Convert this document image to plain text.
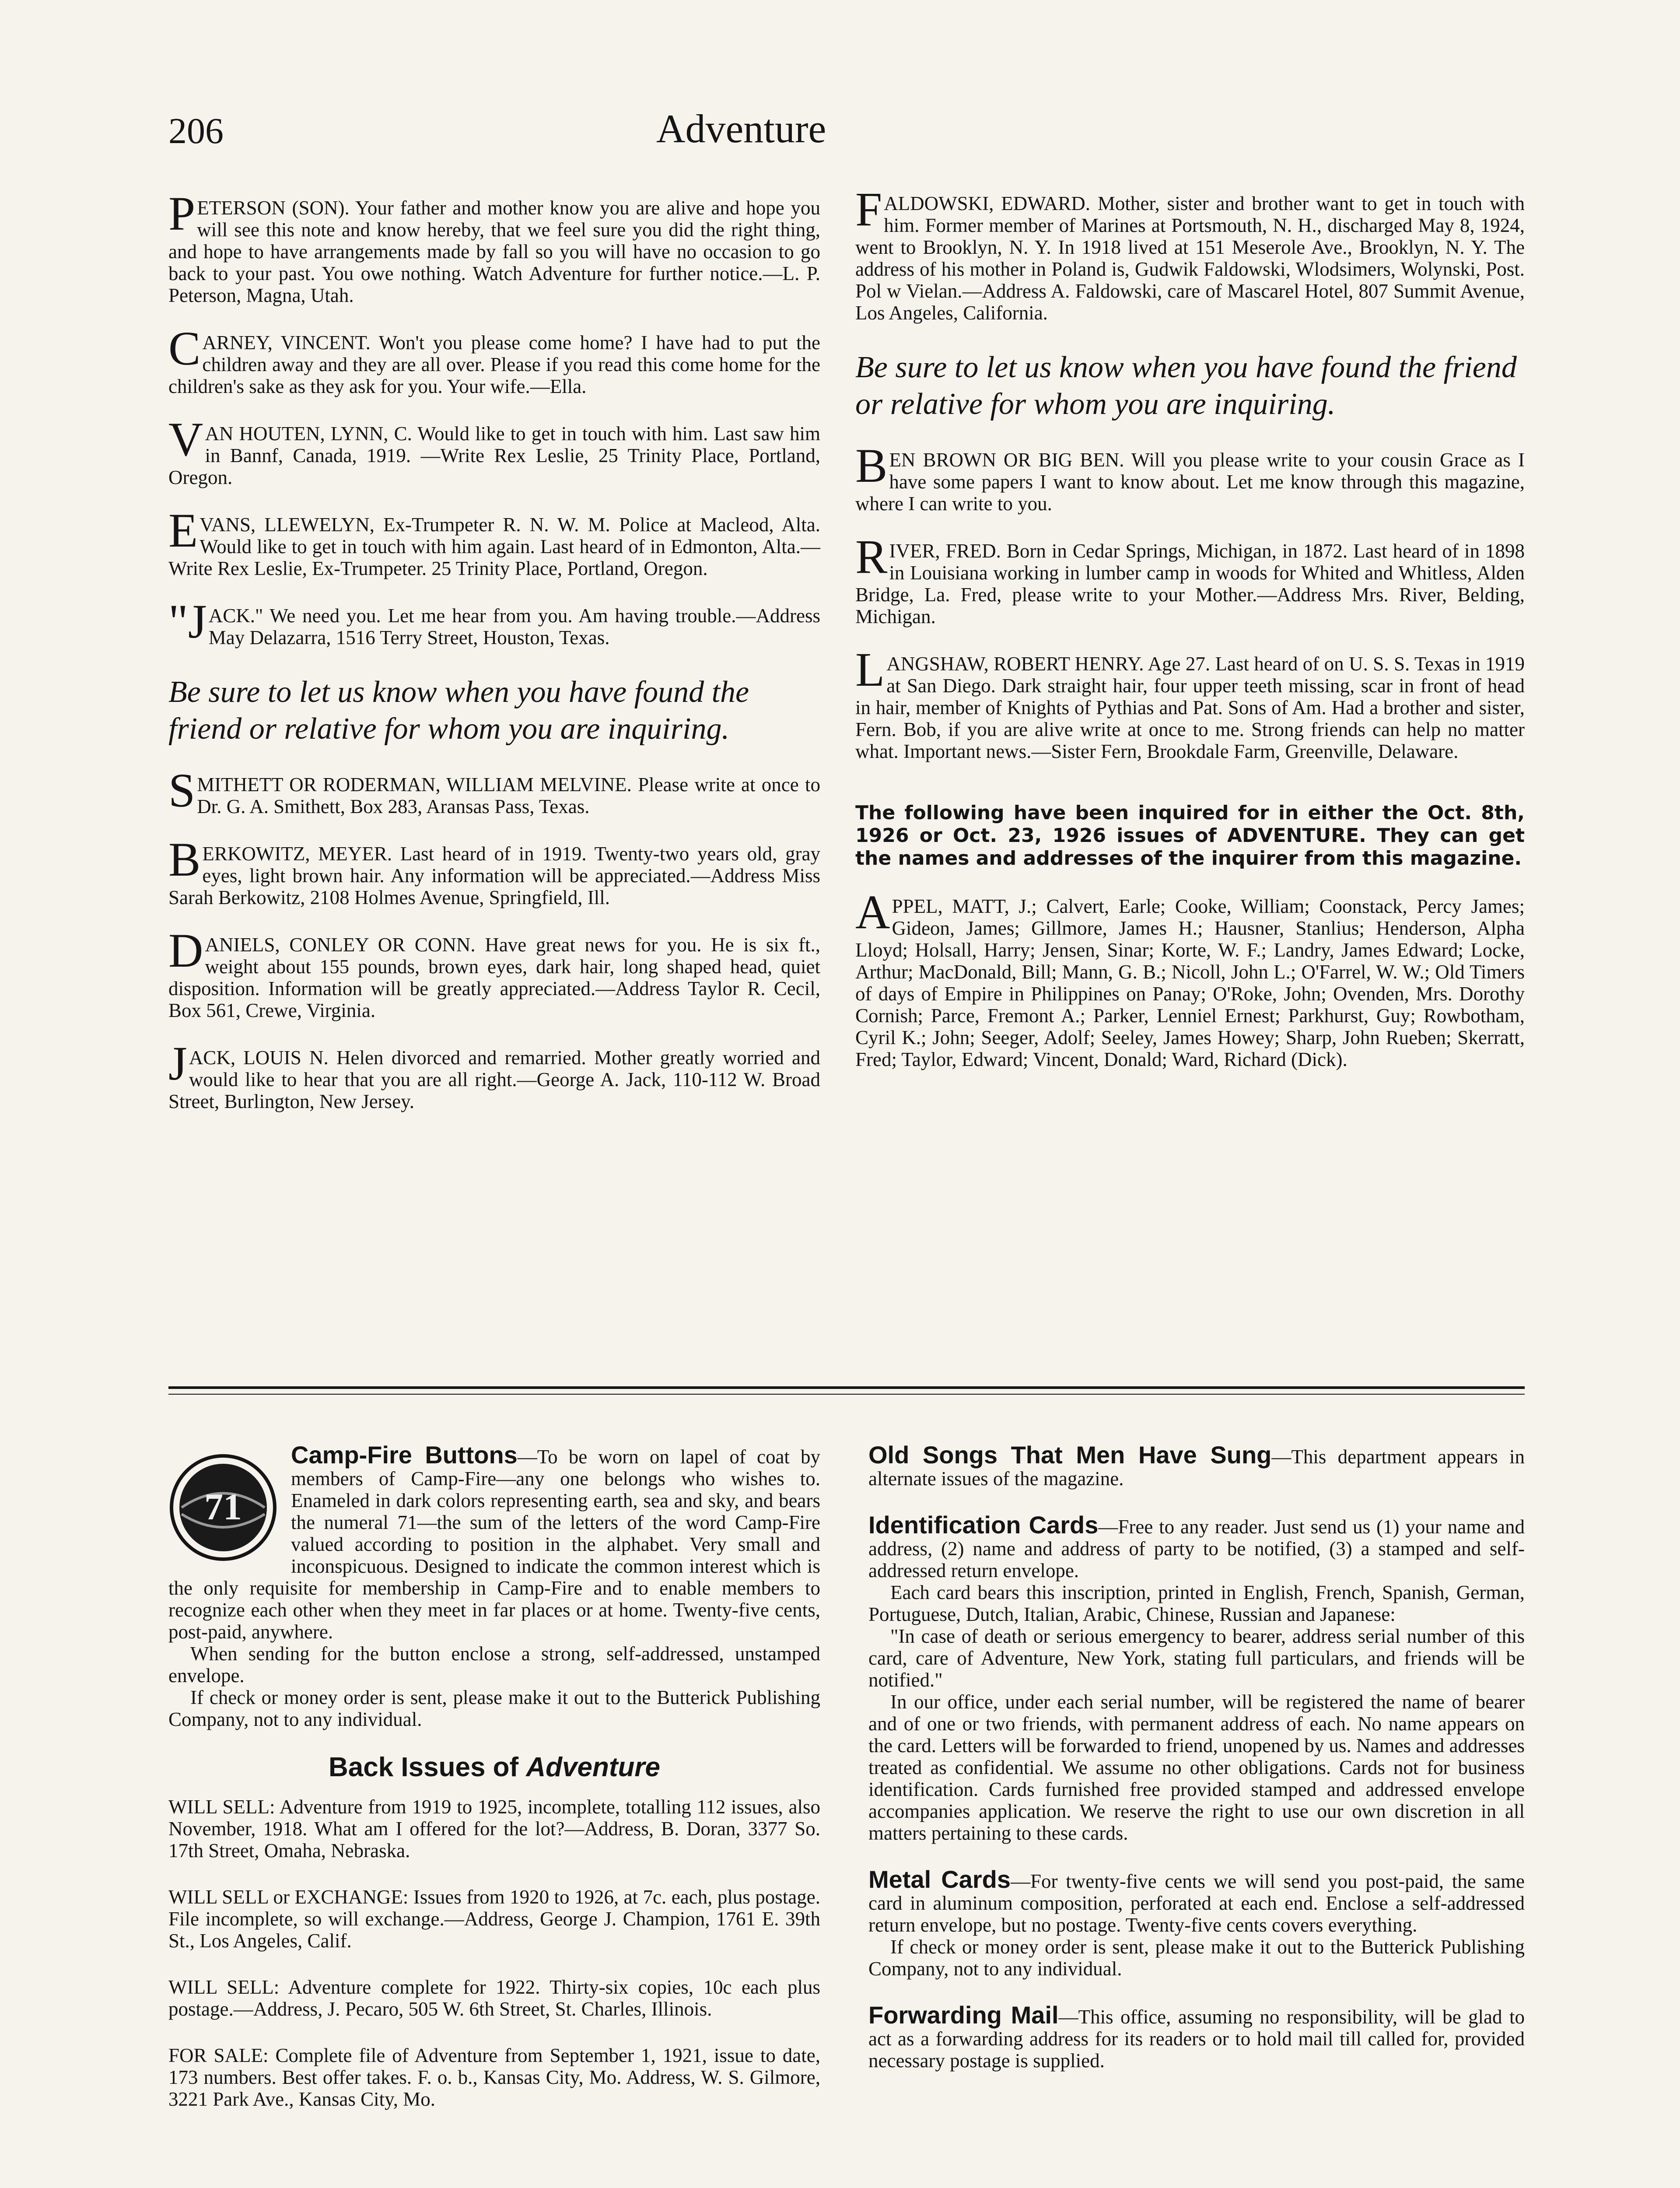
206	Adventure

PETERSON (SON). Your father and mother know you are alive and hope you will see this note and know hereby, that we feel sure you did the right thing, and hope to have arrangements made by fall so you will have no occasion to go back to your past. You owe nothing. Watch Adventure for further notice.—L. P. Peterson, Magna, Utah.

CARNEY, VINCENT. Won't you please come home? I have had to put the children away and they are all over. Please if you read this come home for the children's sake as they ask for you. Your wife.—Ella.

VAN HOUTEN, LYNN, C. Would like to get in touch with him. Last saw him in Bannf, Canada, 1919. —Write Rex Leslie, 25 Trinity Place, Portland, Oregon.

EVANS, LLEWELYN, Ex-Trumpeter R. N. W. M. Police at Macleod, Alta. Would like to get in touch with him again. Last heard of in Edmonton, Alta.—Write Rex Leslie, Ex-Trumpeter. 25 Trinity Place, Portland, Oregon.

"JACK." We need you. Let me hear from you. Am having trouble.—Address May Delazarra, 1516 Terry Street, Houston, Texas.

Be sure to let us know when you have found the friend or relative for whom you are inquiring.

SMITHETT OR RODERMAN, WILLIAM MELVINE. Please write at once to Dr. G. A. Smithett, Box 283, Aransas Pass, Texas.

BERKOWITZ, MEYER. Last heard of in 1919. Twenty-two years old, gray eyes, light brown hair. Any information will be appreciated.—Address Miss Sarah Berkowitz, 2108 Holmes Avenue, Springfield, Ill.

DANIELS, CONLEY OR CONN. Have great news for you. He is six ft., weight about 155 pounds, brown eyes, dark hair, long shaped head, quiet disposition. Information will be greatly appreciated.—Address Taylor R. Cecil, Box 561, Crewe, Virginia.

JACK, LOUIS N. Helen divorced and remarried. Mother greatly worried and would like to hear that you are all right.—George A. Jack, 110-112 W. Broad Street, Burlington, New Jersey.

FALDOWSKI, EDWARD. Mother, sister and brother want to get in touch with him. Former member of Marines at Portsmouth, N. H., discharged May 8, 1924, went to Brooklyn, N. Y. In 1918 lived at 151 Meserole Ave., Brooklyn, N. Y. The address of his mother in Poland is, Gudwik Faldowski, Wlodsimers, Wolynski, Post. Pol w Vielan.—Address A. Faldowski, care of Mascarel Hotel, 807 Summit Avenue, Los Angeles, California.

Be sure to let us know when you have found the friend or relative for whom you are inquiring.

BEN BROWN OR BIG BEN. Will you please write to your cousin Grace as I have some papers I want to know about. Let me know through this magazine, where I can write to you.

RIVER, FRED. Born in Cedar Springs, Michigan, in 1872. Last heard of in 1898 in Louisiana working in lumber camp in woods for Whited and Whitless, Alden Bridge, La. Fred, please write to your Mother.—Address Mrs. River, Belding, Michigan.

LANGSHAW, ROBERT HENRY. Age 27. Last heard of on U. S. S. Texas in 1919 at San Diego. Dark straight hair, four upper teeth missing, scar in front of head in hair, member of Knights of Pythias and Pat. Sons of Am. Had a brother and sister, Fern. Bob, if you are alive write at once to me. Strong friends can help no matter what. Important news.—Sister Fern, Brookdale Farm, Greenville, Delaware.

The following have been inquired for in either the Oct. 8th, 1926 or Oct. 23, 1926 issues of ADVENTURE. They can get the names and addresses of the inquirer from this magazine.

APPEL, MATT, J.; Calvert, Earle; Cooke, William; Coonstack, Percy James; Gideon, James; Gillmore, James H.; Hausner, Stanlius; Henderson, Alpha Lloyd; Holsall, Harry; Jensen, Sinar; Korte, W. F.; Landry, James Edward; Locke, Arthur; MacDonald, Bill; Mann, G. B.; Nicoll, John L.; O'Farrel, W. W.; Old Timers of days of Empire in Philippines on Panay; O'Roke, John; Ovenden, Mrs. Dorothy Cornish; Parce, Fremont A.; Parker, Lenniel Ernest; Parkhurst, Guy; Rowbotham, Cyril K.; John; Seeger, Adolf; Seeley, James Howey; Sharp, John Rueben; Skerratt, Fred; Taylor, Edward; Vincent, Donald; Ward, Richard (Dick).

71

Camp-Fire Buttons—To be worn on lapel of coat by members of Camp-Fire—any one belongs who wishes to. Enameled in dark colors representing earth, sea and sky, and bears the numeral 71—the sum of the letters of the word Camp-Fire valued according to position in the alphabet. Very small and inconspicuous. Designed to indicate the common interest which is the only requisite for membership in Camp-Fire and to enable members to recognize each other when they meet in far places or at home. Twenty-five cents, post-paid, anywhere.

When sending for the button enclose a strong, self-addressed, unstamped envelope.

If check or money order is sent, please make it out to the Butterick Publishing Company, not to any individual.

Back Issues of Adventure
WILL SELL: Adventure from 1919 to 1925, incomplete, totalling 112 issues, also November, 1918. What am I offered for the lot?—Address, B. Doran, 3377 So. 17th Street, Omaha, Nebraska.
WILL SELL or EXCHANGE: Issues from 1920 to 1926, at 7c. each, plus postage. File incomplete, so will exchange.—Address, George J. Champion, 1761 E. 39th St., Los Angeles, Calif.
WILL SELL: Adventure complete for 1922. Thirty-six copies, 10c each plus postage.—Address, J. Pecaro, 505 W. 6th Street, St. Charles, Illinois.
FOR SALE: Complete file of Adventure from September 1, 1921, issue to date, 173 numbers. Best offer takes. F. o. b., Kansas City, Mo. Address, W. S. Gilmore, 3221 Park Ave., Kansas City, Mo.

Old Songs That Men Have Sung—This department appears in alternate issues of the magazine.

Identification Cards—Free to any reader. Just send us (1) your name and address, (2) name and address of party to be notified, (3) a stamped and self-addressed return envelope.

Each card bears this inscription, printed in English, French, Spanish, German, Portuguese, Dutch, Italian, Arabic, Chinese, Russian and Japanese:

"In case of death or serious emergency to bearer, address serial number of this card, care of Adventure, New York, stating full particulars, and friends will be notified."

In our office, under each serial number, will be registered the name of bearer and of one or two friends, with permanent address of each. No name appears on the card. Letters will be forwarded to friend, unopened by us. Names and addresses treated as confidential. We assume no other obligations. Cards not for business identification. Cards furnished free provided stamped and addressed envelope accompanies application. We reserve the right to use our own discretion in all matters pertaining to these cards.

Metal Cards—For twenty-five cents we will send you post-paid, the same card in aluminum composition, perforated at each end. Enclose a self-addressed return envelope, but no postage. Twenty-five cents covers everything.

If check or money order is sent, please make it out to the Butterick Publishing Company, not to any individual.

Forwarding Mail—This office, assuming no responsibility, will be glad to act as a forwarding address for its readers or to hold mail till called for, provided necessary postage is supplied.
